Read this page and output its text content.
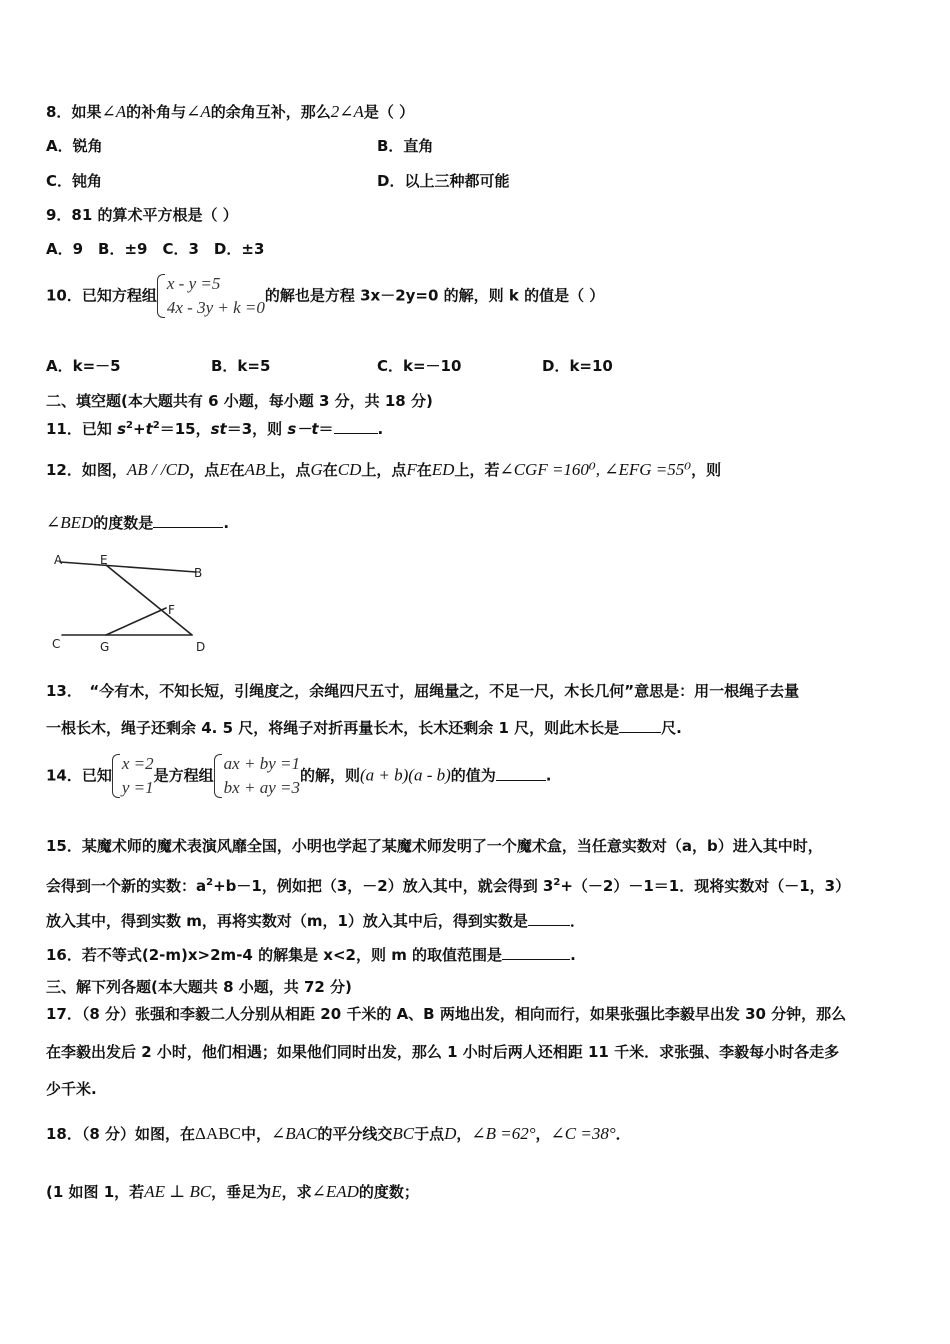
8．如果∠A的补角与∠A的余角互补，那么2∠A是（ ）
A．锐角	B．直角
C．钝角	D．以上三种都可能
9．81 的算术平方根是（ ）
A．9　B．±9　C．3　D．±3
10．已知方程组
x - y =5
4x - 3y + k =0
的解也是方程 3x－2y=0 的解，则 k 的值是（ ）
A．k=－5	B．k=5	C．k=－10	D．k=10
二、填空题(本大题共有 6 小题，每小题 3 分，共 18 分)
11．已知 $s^2+t^2=15$，st＝3，则 s－t＝	.
12．如图，AB / /CD，点E在AB上，点G在CD上，点F在ED上，若∠CGF =160⁰, ∠EFG =55⁰，则
∠BED的度数是	.
A	E
B
F
C	G	D
13．　“今有木，不知长短，引绳度之，余绳四尺五寸，屈绳量之，不足一尺，木长几何”意思是：用一根绳子去量
一根长木，绳子还剩余 4. 5 尺，将绳子对折再量长木，长木还剩余 1 尺，则此木长是	尺.
14．已知
x =2
y =1
是方程组
ax + by =1
bx + ay =3
的解，则(a + b)(a - b)的值为	.
15．某魔术师的魔术表演风靡全国，小明也学起了某魔术师发明了一个魔术盒，当任意实数对（a，b）进入其中时，
会得到一个新的实数：$a^2+b-1$，例如把（3，－2）放入其中，就会得到 $3^2+(-2)-1=1$．现将实数对（－1，3）
放入其中，得到实数 m，再将实数对（m，1）放入其中后，得到实数是	．
16．若不等式(2-m)x>2m-4 的解集是 x<2，则 m 的取值范围是	.
三、解下列各题(本大题共 8 小题，共 72 分)
17．（8 分）张强和李毅二人分别从相距 20 千米的 A、B 两地出发，相向而行，如果张强比李毅早出发 30 分钟，那么
在李毅出发后 2 小时，他们相遇；如果他们同时出发，那么 1 小时后两人还相距 11 千米．求张强、李毅每小时各走多
少千米.
18．（8 分）如图，在ΔABC中，∠BAC的平分线交BC于点D，∠B =62°，∠C =38°．
(1 如图 1，若AE ⊥ BC，垂足为E，求∠EAD的度数；
